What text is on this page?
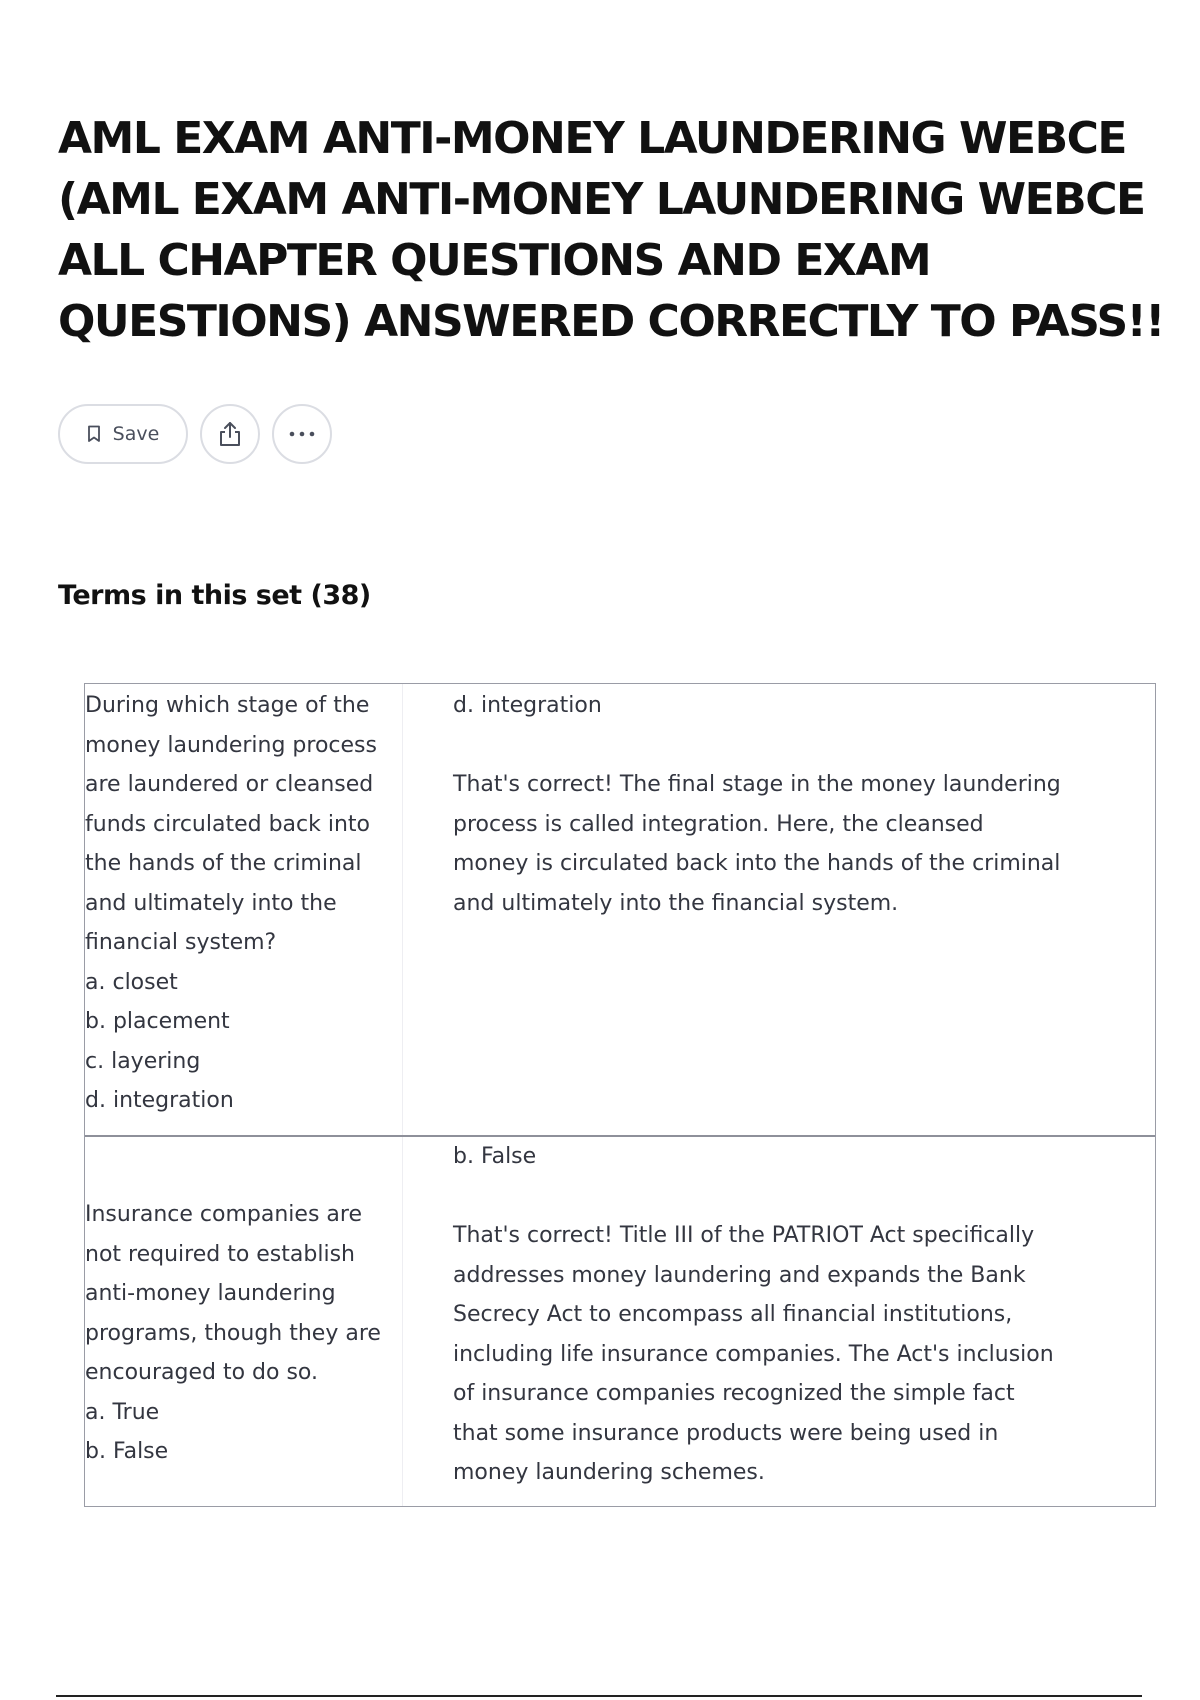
AML EXAM ANTI-MONEY LAUNDERING WEBCE
(AML EXAM ANTI-MONEY LAUNDERING WEBCE
ALL CHAPTER QUESTIONS AND EXAM
QUESTIONS) ANSWERED CORRECTLY TO PASS!!
Save
Terms in this set (38)
During which stage of the
money laundering process
are laundered or cleansed
funds circulated back into
the hands of the criminal
and ultimately into the
financial system?
a. closet
b. placement
c. layering
d. integration
d. integration
That's correct! The final stage in the money laundering
process is called integration. Here, the cleansed
money is circulated back into the hands of the criminal
and ultimately into the financial system.
Insurance companies are
not required to establish
anti-money laundering
programs, though they are
encouraged to do so.
a. True
b. False
b. False
That's correct! Title III of the PATRIOT Act specifically
addresses money laundering and expands the Bank
Secrecy Act to encompass all financial institutions,
including life insurance companies. The Act's inclusion
of insurance companies recognized the simple fact
that some insurance products were being used in
money laundering schemes.
